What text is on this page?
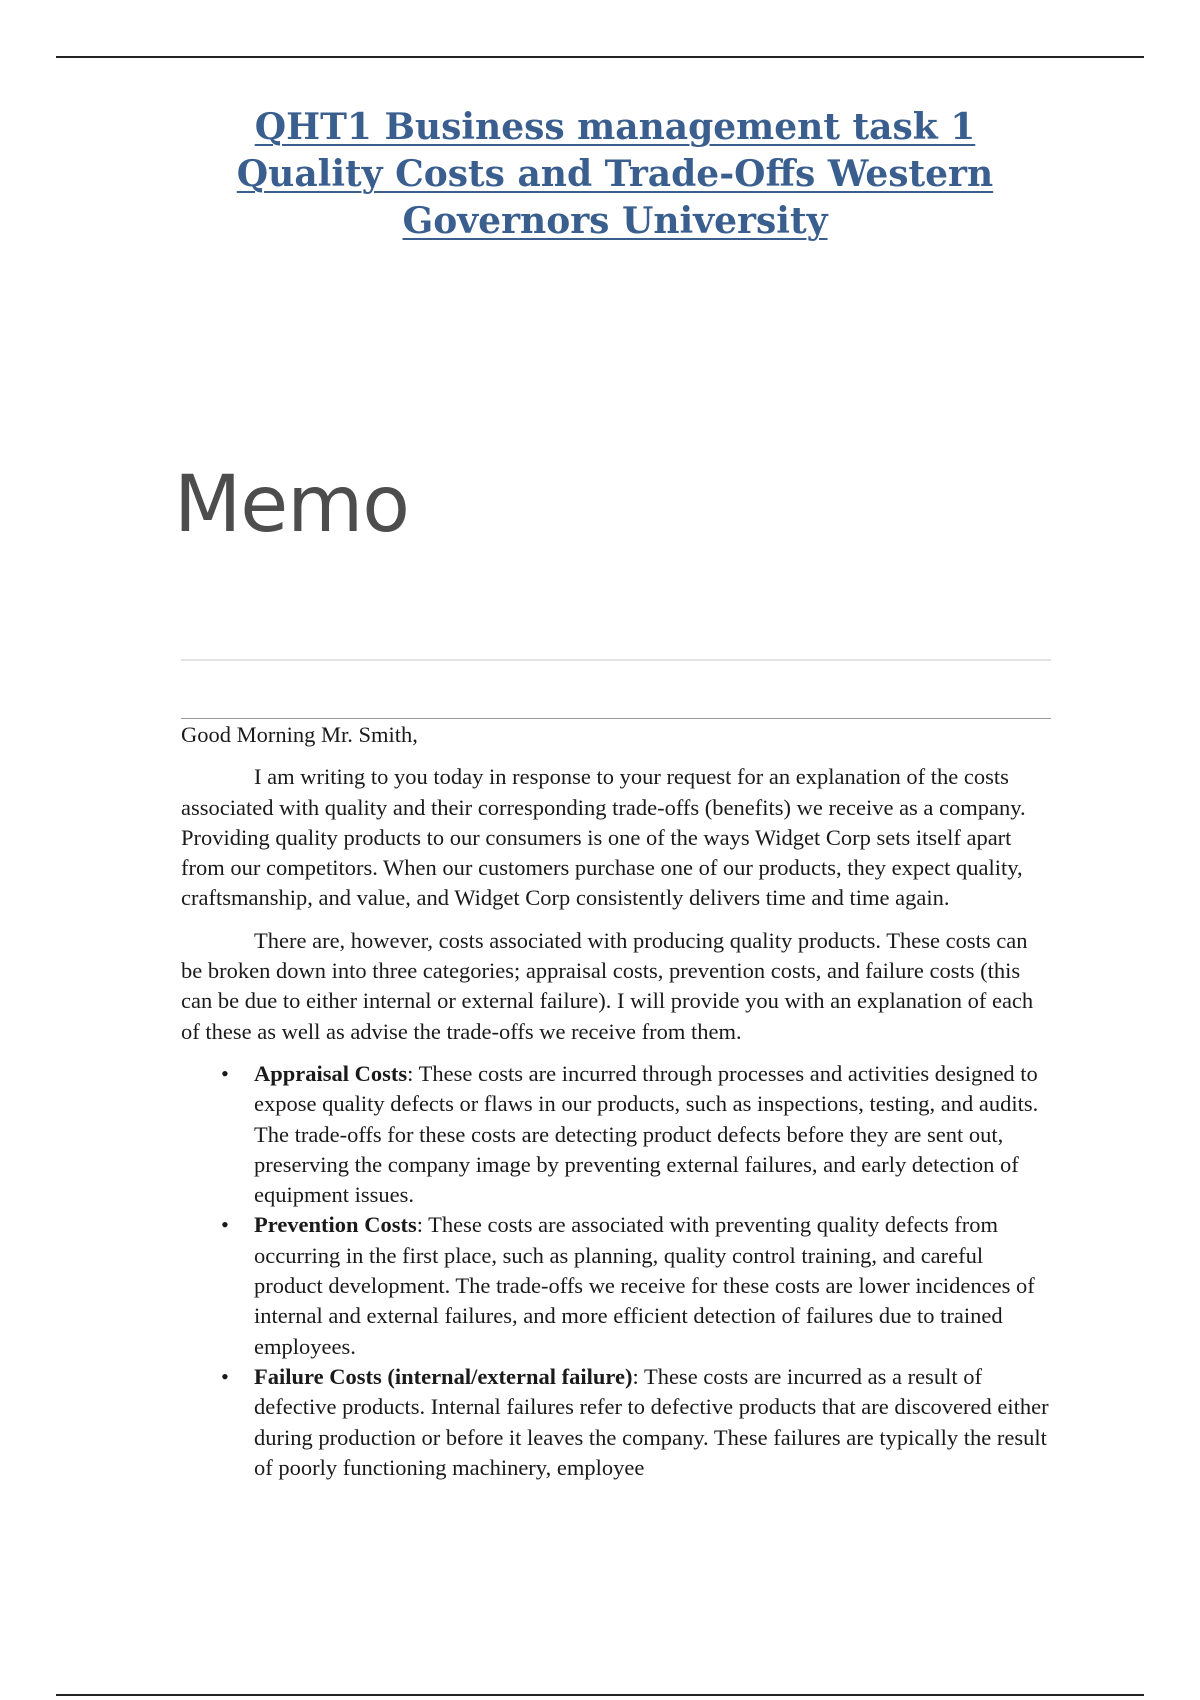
QHT1 Business management task 1 Quality Costs and Trade-Offs Western Governors University
Memo

Good Morning Mr. Smith,

I am writing to you today in response to your request for an explanation of the costs associated with quality and their corresponding trade-offs (benefits) we receive as a company. Providing quality products to our consumers is one of the ways Widget Corp sets itself apart from our competitors. When our customers purchase one of our products, they expect quality, craftsmanship, and value, and Widget Corp consistently delivers time and time again.

There are, however, costs associated with producing quality products. These costs can be broken down into three categories; appraisal costs, prevention costs, and failure costs (this can be due to either internal or external failure). I will provide you with an explanation of each of these as well as advise the trade-offs we receive from them.

• Appraisal Costs: These costs are incurred through processes and activities designed to expose quality defects or flaws in our products, such as inspections, testing, and audits. The trade-offs for these costs are detecting product defects before they are sent out, preserving the company image by preventing external failures, and early detection of equipment issues.
• Prevention Costs: These costs are associated with preventing quality defects from occurring in the first place, such as planning, quality control training, and careful product development. The trade-offs we receive for these costs are lower incidences of internal and external failures, and more efficient detection of failures due to trained employees.
• Failure Costs (internal/external failure): These costs are incurred as a result of defective products. Internal failures refer to defective products that are discovered either during production or before it leaves the company. These failures are typically the result of poorly functioning machinery, employee
